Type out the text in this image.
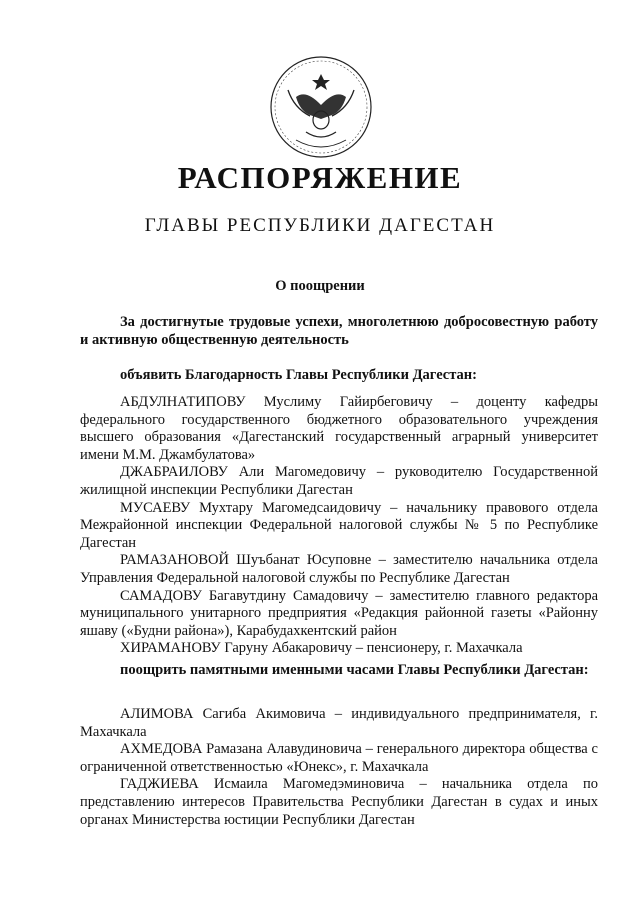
РАСПОРЯЖЕНИЕ
ГЛАВЫ РЕСПУБЛИКИ ДАГЕСТАН
О поощрении

За достигнутые трудовые успехи, многолетнюю добросовестную работу и активную общественную деятельность

объявить Благодарность Главы Республики Дагестан:

АБДУЛНАТИПОВУ Муслиму Гайирбеговичу – доценту кафедры федерального государственного бюджетного образовательного учреждения высшего образования «Дагестанский государственный аграрный университет имени М.М. Джамбулатова»

ДЖАБРАИЛОВУ Али Магомедовичу – руководителю Государственной жилищной инспекции Республики Дагестан

МУСАЕВУ Мухтару Магомедсаидовичу – начальнику правового отдела Межрайонной инспекции Федеральной налоговой службы № 5 по Республике Дагестан

РАМАЗАНОВОЙ Шуъбанат Юсуповне – заместителю начальника отдела Управления Федеральной налоговой службы по Республике Дагестан

САМАДОВУ Багавутдину Самадовичу – заместителю главного редактора муниципального унитарного предприятия «Редакция районной газеты «Районну яшаву («Будни района»), Карабудахкентский район

ХИРАМАНОВУ Гаруну Абакаровичу – пенсионеру, г. Махачкала

поощрить памятными именными часами Главы Республики Дагестан:

АЛИМОВА Сагиба Акимовича – индивидуального предпринимателя, г. Махачкала

АХМЕДОВА Рамазана Алавудиновича – генерального директора общества с ограниченной ответственностью «Юнекс», г. Махачкала

ГАДЖИЕВА Исмаила Магомедэминовича – начальника отдела по представлению интересов Правительства Республики Дагестан в судах и иных органах Министерства юстиции Республики Дагестан
